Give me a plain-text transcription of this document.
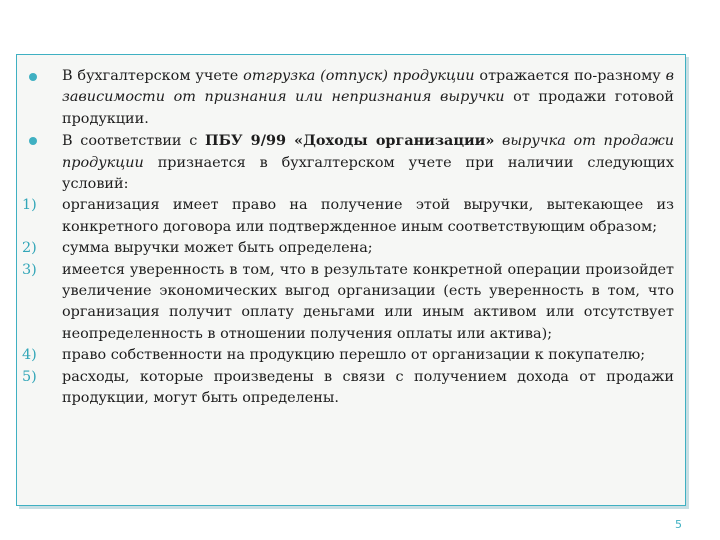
В бухгалтерском учете отгрузка (отпуск) продукции отражается по-разному в зависимости от признания или непризнания выручки от продажи готовой продукции.
В соответствии с ПБУ 9/99 «Доходы организации» выручка от продажи продукции признается в бухгалтерском учете при наличии следующих условий:
1) организация имеет право на получение этой выручки, вытекающее из конкретного договора или подтвержденное иным соответствующим образом;
2) сумма выручки может быть определена;
3) имеется уверенность в том, что в результате конкретной операции произойдет увеличение экономических выгод организации (есть уверенность в том, что организация получит оплату деньгами или иным активом или отсутствует неопределенность в отношении получения оплаты или актива);
4) право собственности на продукцию перешло от организации к покупателю;
5) расходы, которые произведены в связи с получением дохода от продажи продукции, могут быть определены.
5
